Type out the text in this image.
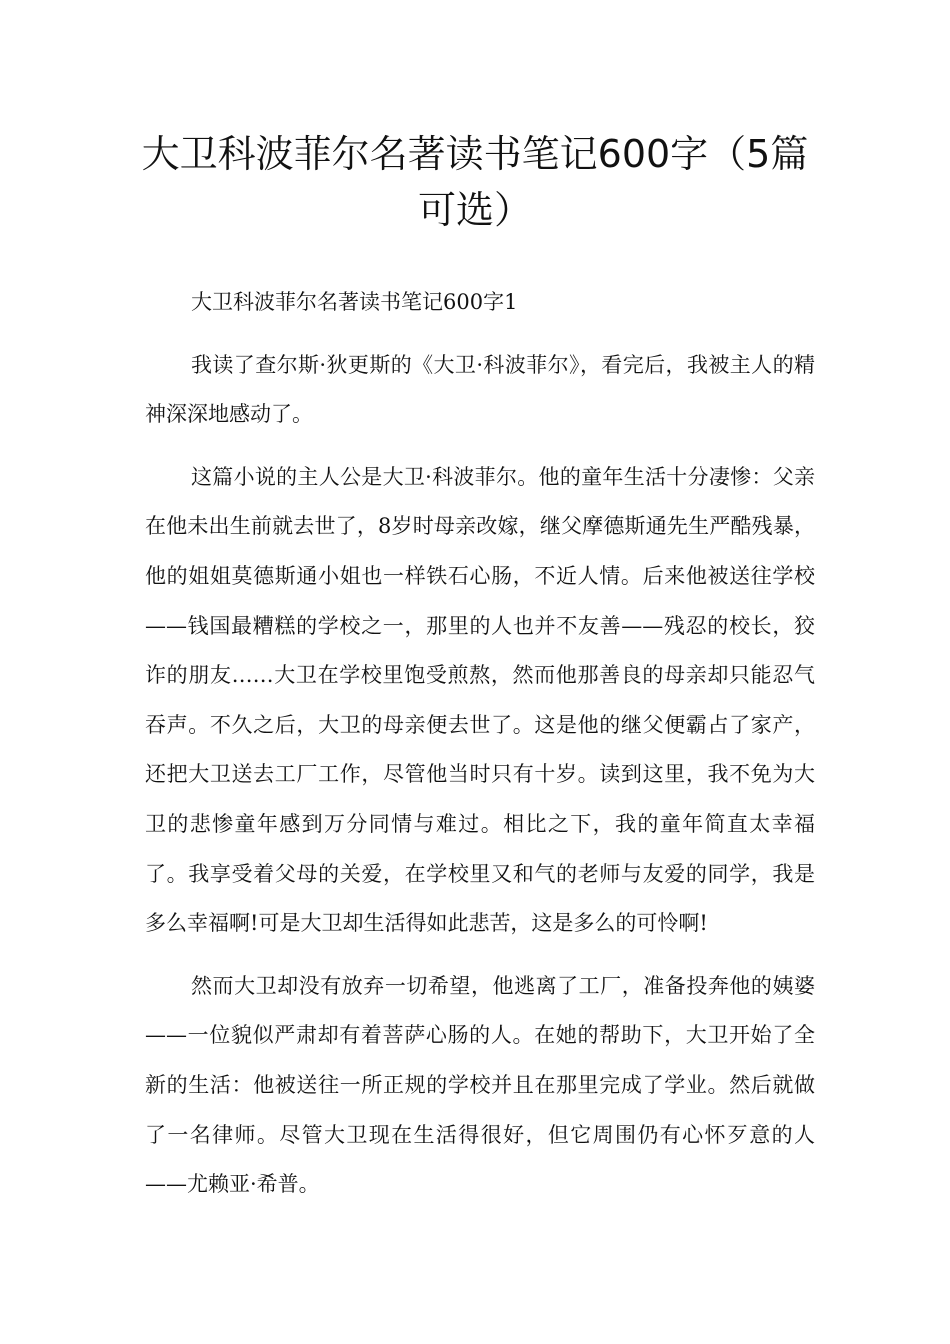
大卫科波菲尔名著读书笔记600字（5篇可选）

大卫科波菲尔名著读书笔记600字1

我读了查尔斯·狄更斯的《大卫·科波菲尔》，看完后，我被主人的精神深深地感动了。

这篇小说的主人公是大卫·科波菲尔。他的童年生活十分凄惨：父亲在他未出生前就去世了，8岁时母亲改嫁，继父摩德斯通先生严酷残暴，他的姐姐莫德斯通小姐也一样铁石心肠，不近人情。后来他被送往学校——钱国最糟糕的学校之一，那里的人也并不友善——残忍的校长，狡诈的朋友……大卫在学校里饱受煎熬，然而他那善良的母亲却只能忍气吞声。不久之后，大卫的母亲便去世了。这是他的继父便霸占了家产，还把大卫送去工厂工作，尽管他当时只有十岁。读到这里，我不免为大卫的悲惨童年感到万分同情与难过。相比之下，我的童年简直太幸福了。我享受着父母的关爱，在学校里又和气的老师与友爱的同学，我是多么幸福啊!可是大卫却生活得如此悲苦，这是多么的可怜啊!

然而大卫却没有放弃一切希望，他逃离了工厂，准备投奔他的姨婆——一位貌似严肃却有着菩萨心肠的人。在她的帮助下，大卫开始了全新的生活：他被送往一所正规的学校并且在那里完成了学业。然后就做了一名律师。尽管大卫现在生活得很好，但它周围仍有心怀歹意的人——尤赖亚·希普。
